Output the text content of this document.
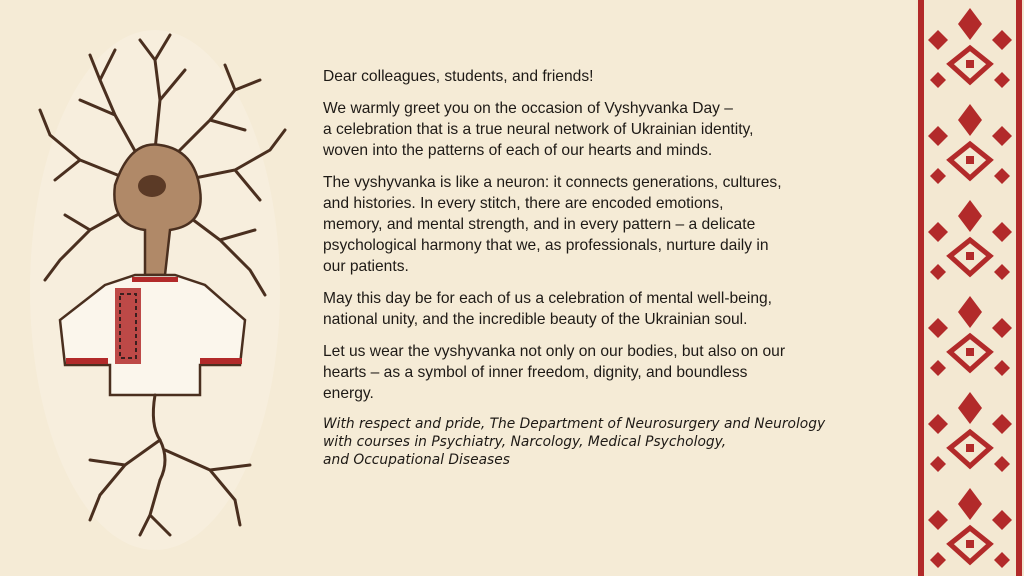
Dear colleagues, students, and friends!

We warmly greet you on the occasion of Vyshyvanka Day –
a celebration that is a true neural network of Ukrainian identity,
woven into the patterns of each of our hearts and minds.

The vyshyvanka is like a neuron: it connects generations, cultures,
and histories. In every stitch, there are encoded emotions,
memory, and mental strength, and in every pattern – a delicate
psychological harmony that we, as professionals, nurture daily in
our patients.

May this day be for each of us a celebration of mental well-being,
national unity, and the incredible beauty of the Ukrainian soul.

Let us wear the vyshyvanka not only on our bodies, but also on our
hearts – as a symbol of inner freedom, dignity, and boundless
energy.

With respect and pride, The Department of Neurosurgery and Neurology
with courses in Psychiatry, Narcology, Medical Psychology,
and Occupational Diseases
